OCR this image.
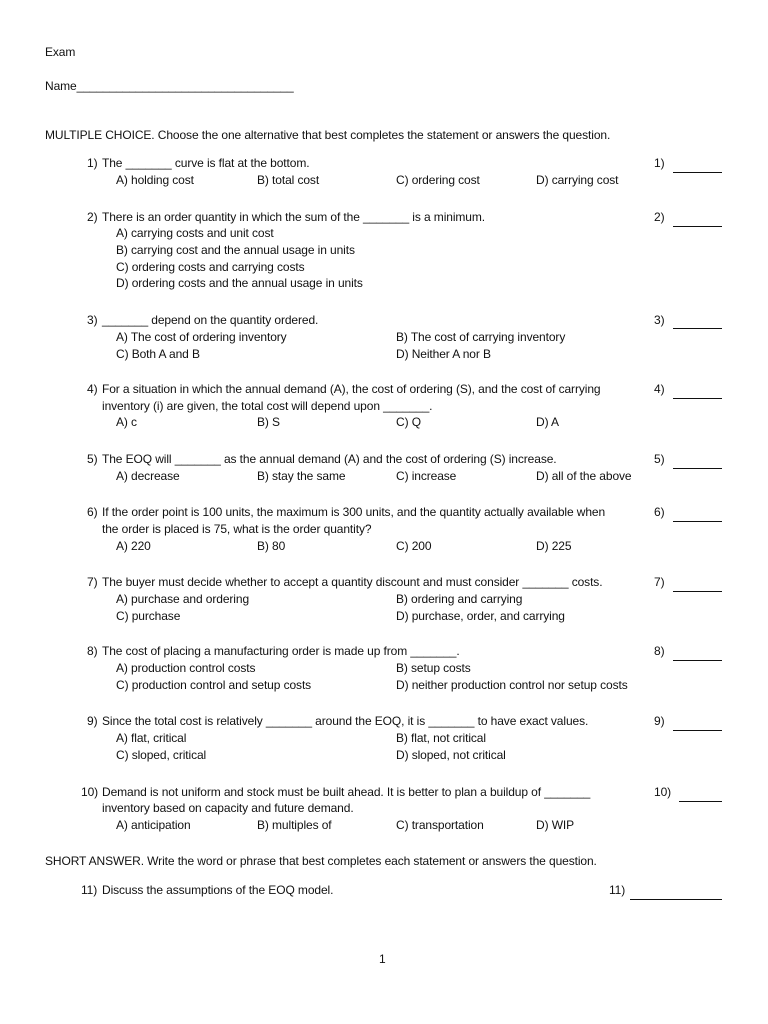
Exam
Name_________________________________
MULTIPLE CHOICE. Choose the one alternative that best completes the statement or answers the question.
1) The _______ curve is flat at the bottom.
A) holding cost	B) total cost	C) ordering cost	D) carrying cost
1)
2) There is an order quantity in which the sum of the _______ is a minimum.
A) carrying costs and unit cost
B) carrying cost and the annual usage in units
C) ordering costs and carrying costs
D) ordering costs and the annual usage in units
2)
3) _______ depend on the quantity ordered.
A) The cost of ordering inventory	B) The cost of carrying inventory
C) Both A and B	D) Neither A nor B
3)
4) For a situation in which the annual demand (A), the cost of ordering (S), and the cost of carrying
inventory (i) are given, the total cost will depend upon _______.
A) c	B) S	C) Q	D) A
4)
5) The EOQ will _______ as the annual demand (A) and the cost of ordering (S) increase.
A) decrease	B) stay the same	C) increase	D) all of the above
5)
6) If the order point is 100 units, the maximum is 300 units, and the quantity actually available when
the order is placed is 75, what is the order quantity?
A) 220	B) 80	C) 200	D) 225
6)
7) The buyer must decide whether to accept a quantity discount and must consider _______ costs.
A) purchase and ordering	B) ordering and carrying
C) purchase	D) purchase, order, and carrying
7)
8) The cost of placing a manufacturing order is made up from _______.
A) production control costs	B) setup costs
C) production control and setup costs	D) neither production control nor setup costs
8)
9) Since the total cost is relatively _______ around the EOQ, it is _______ to have exact values.
A) flat, critical	B) flat, not critical
C) sloped, critical	D) sloped, not critical
9)
10) Demand is not uniform and stock must be built ahead. It is better to plan a buildup of _______
inventory based on capacity and future demand.
A) anticipation	B) multiples of	C) transportation	D) WIP
10)
SHORT ANSWER. Write the word or phrase that best completes each statement or answers the question.
11) Discuss the assumptions of the EOQ model.	11)
1
